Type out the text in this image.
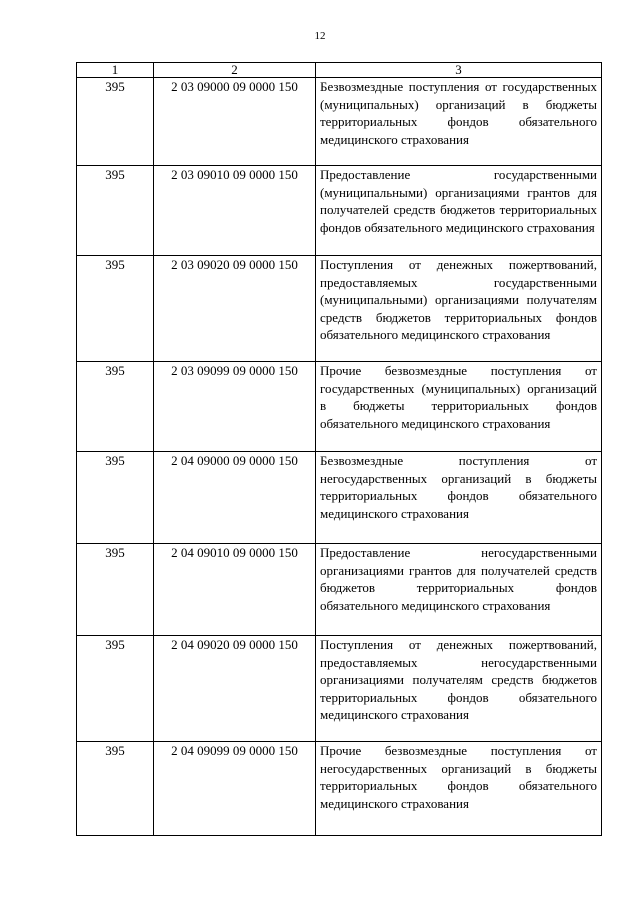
12
1	2	3
395	2 03 09000 09 0000 150	Безвозмездные поступления от государственных (муниципальных) организаций в бюджеты территориальных фондов обязательного медицинского страхования
395	2 03 09010 09 0000 150	Предоставление государственными (муниципальными) организациями грантов для получателей средств бюджетов территориальных фондов обязательного медицинского страхования
395	2 03 09020 09 0000 150	Поступления от денежных пожертвований, предоставляемых государственными (муниципальными) организациями получателям средств бюджетов территориальных фондов обязательного медицинского страхования
395	2 03 09099 09 0000 150	Прочие безвозмездные поступления от государственных (муниципальных) организаций в бюджеты территориальных фондов обязательного медицинского страхования
395	2 04 09000 09 0000 150	Безвозмездные поступления от негосударственных организаций в бюджеты территориальных фондов обязательного медицинского страхования
395	2 04 09010 09 0000 150	Предоставление негосударственными организациями грантов для получателей средств бюджетов территориальных фондов обязательного медицинского страхования
395	2 04 09020 09 0000 150	Поступления от денежных пожертвований, предоставляемых негосударственными организациями получателям средств бюджетов территориальных фондов обязательного медицинского страхования
395	2 04 09099 09 0000 150	Прочие безвозмездные поступления от негосударственных организаций в бюджеты территориальных фондов обязательного медицинского страхования
